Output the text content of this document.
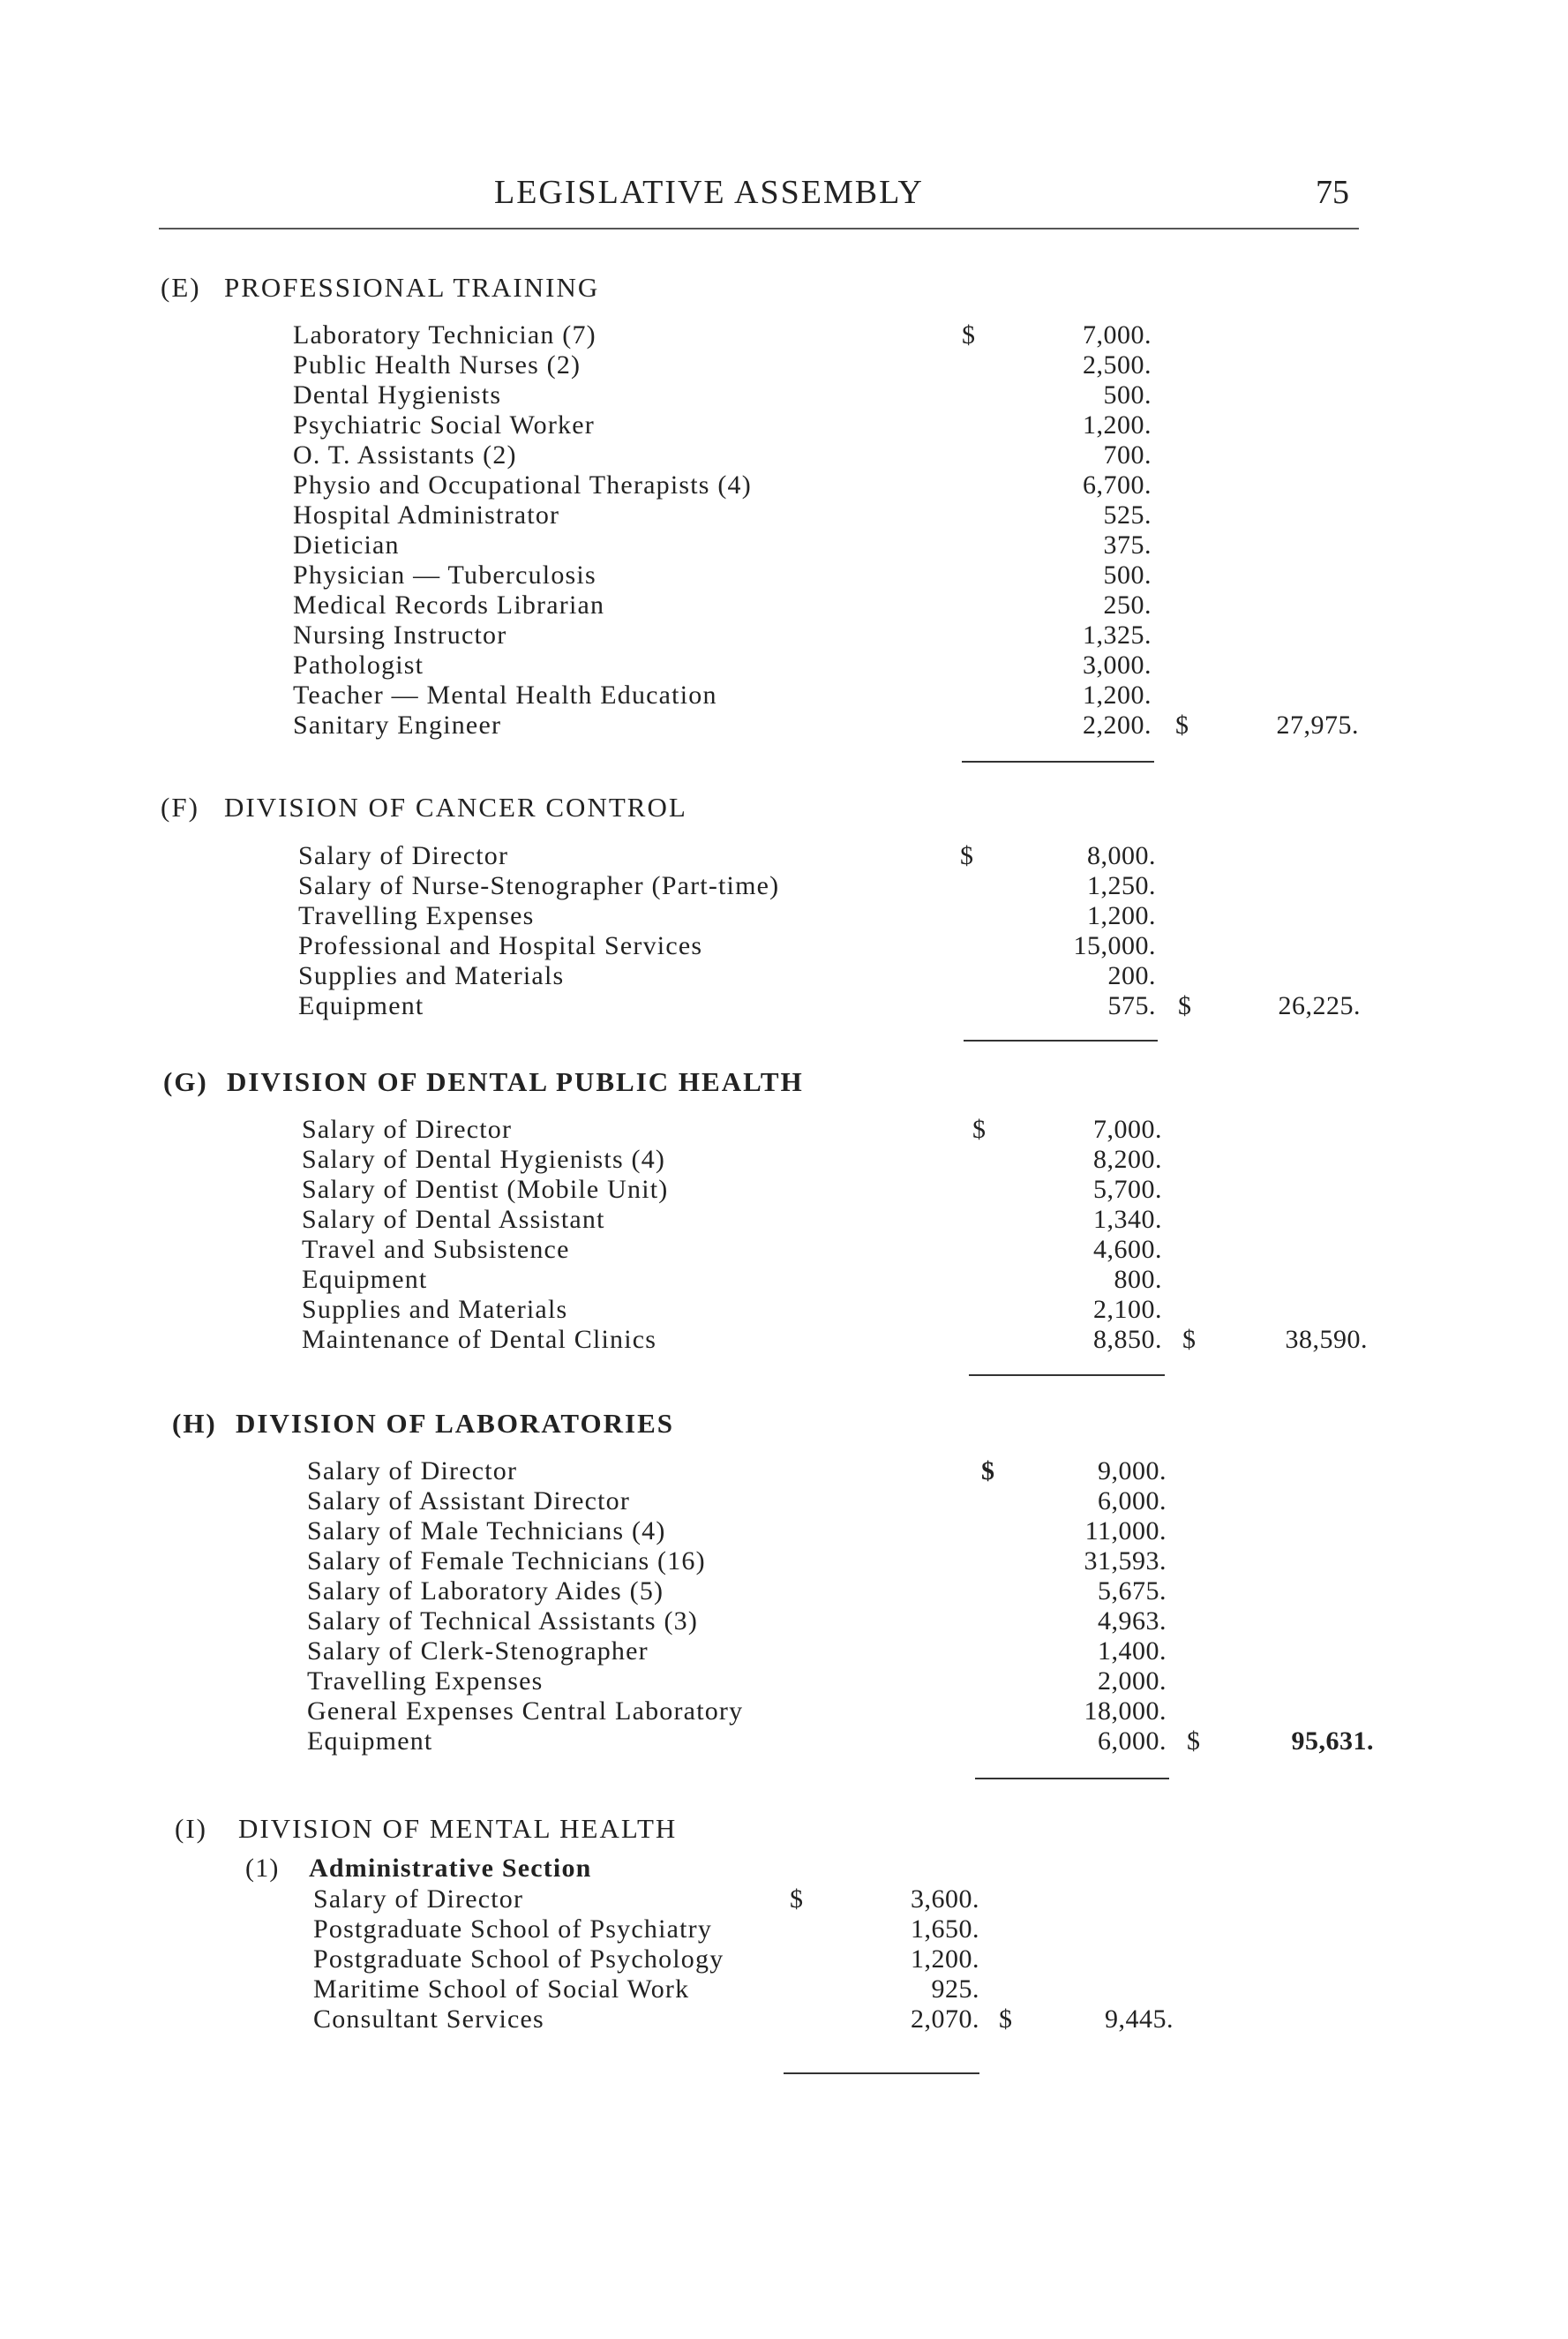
LEGISLATIVE ASSEMBLY	75
(E) PROFESSIONAL TRAINING
Laboratory Technician (7)	$	7,000.
Public Health Nurses (2)	2,500.
Dental Hygienists	500.
Psychiatric Social Worker	1,200.
O. T. Assistants (2)	700.
Physio and Occupational Therapists (4)	6,700.
Hospital Administrator	525.
Dietician	375.
Physician — Tuberculosis	500.
Medical Records Librarian	250.
Nursing Instructor	1,325.
Pathologist	3,000.
Teacher — Mental Health Education	1,200.
Sanitary Engineer	2,200. $	27,975.
(F) DIVISION OF CANCER CONTROL
Salary of Director	$	8,000.
Salary of Nurse-Stenographer (Part-time)	1,250.
Travelling Expenses	1,200.
Professional and Hospital Services	15,000.
Supplies and Materials	200.
Equipment	575. $	26,225.
(G) DIVISION OF DENTAL PUBLIC HEALTH
Salary of Director	$	7,000.
Salary of Dental Hygienists (4)	8,200.
Salary of Dentist (Mobile Unit)	5,700.
Salary of Dental Assistant	1,340.
Travel and Subsistence	4,600.
Equipment	800.
Supplies and Materials	2,100.
Maintenance of Dental Clinics	8,850. $	38,590.
(H) DIVISION OF LABORATORIES
Salary of Director	$	9,000.
Salary of Assistant Director	6,000.
Salary of Male Technicians (4)	11,000.
Salary of Female Technicians (16)	31,593.
Salary of Laboratory Aides (5)	5,675.
Salary of Technical Assistants (3)	4,963.
Salary of Clerk-Stenographer	1,400.
Travelling Expenses	2,000.
General Expenses Central Laboratory	18,000.
Equipment	6,000. $	95,631.
(I) DIVISION OF MENTAL HEALTH
(1) Administrative Section
Salary of Director	$	3,600.
Postgraduate School of Psychiatry	1,650.
Postgraduate School of Psychology	1,200.
Maritime School of Social Work	925.
Consultant Services	2,070. $	9,445.
